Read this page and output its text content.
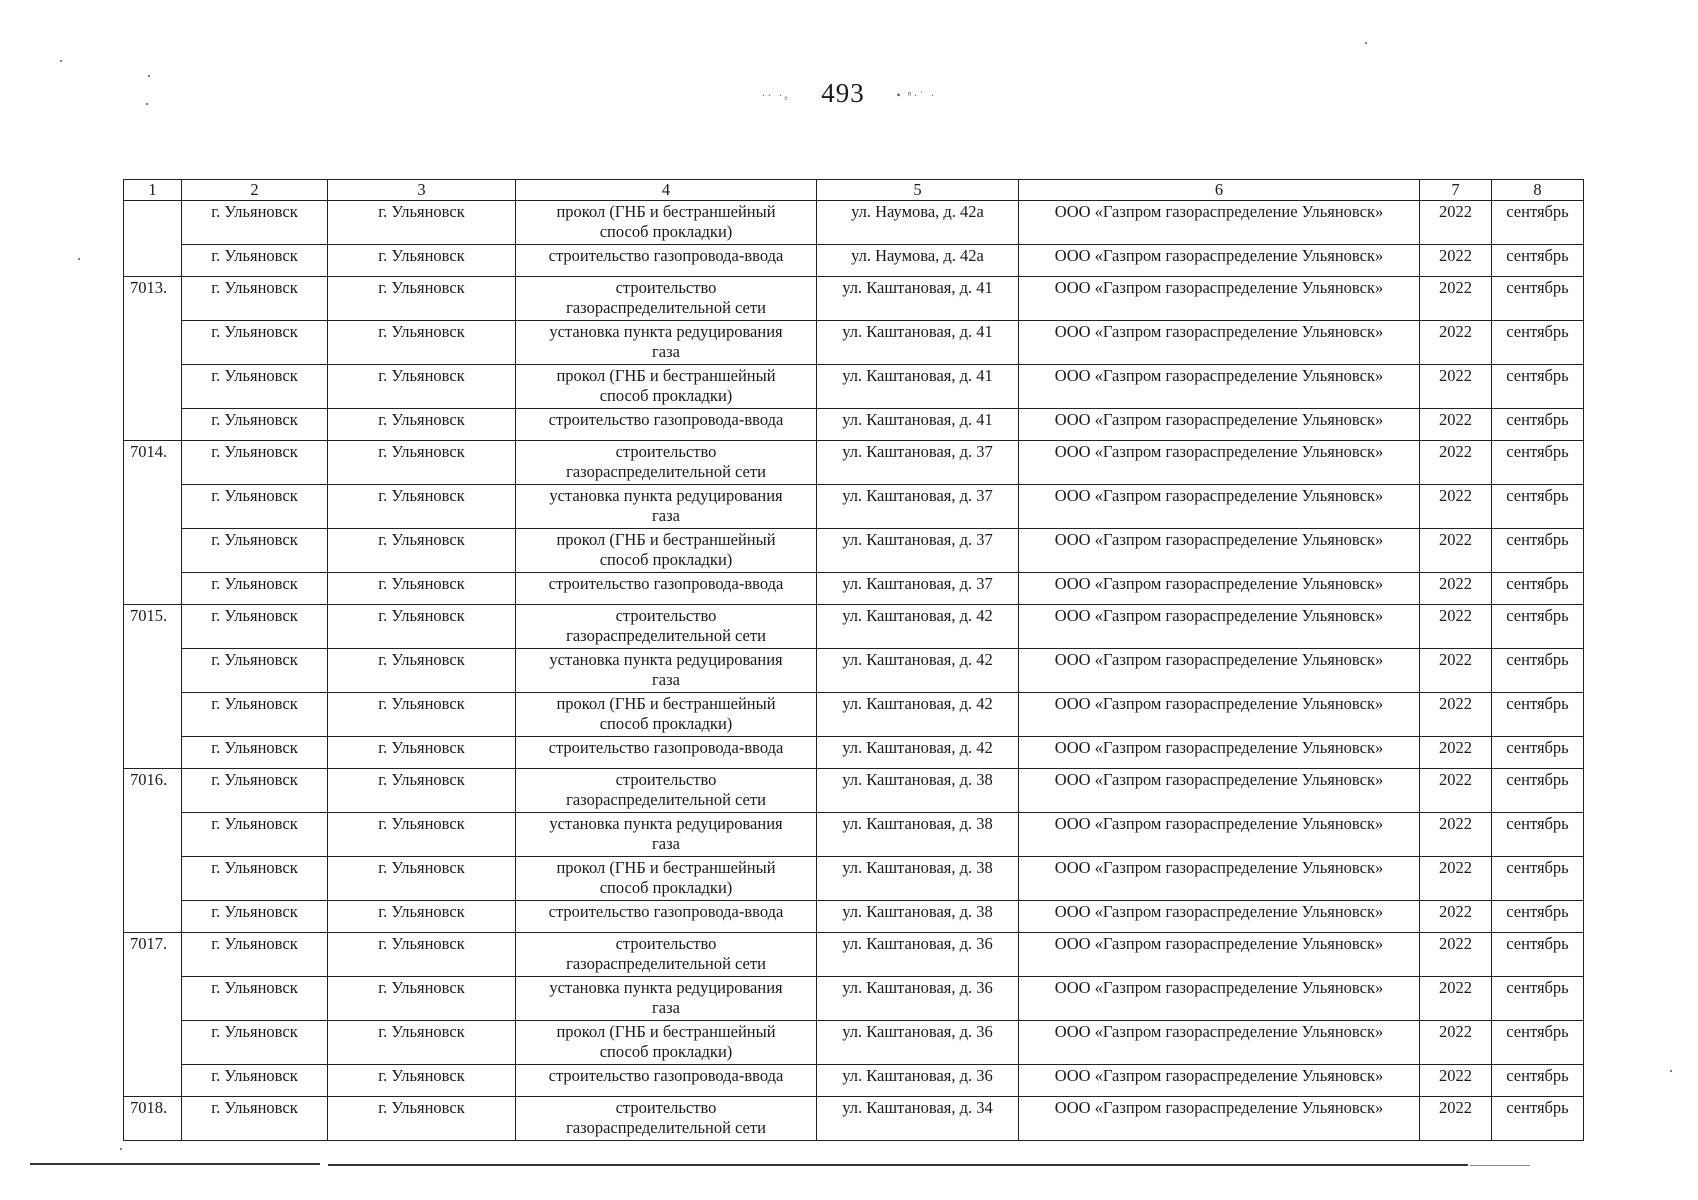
·· ·ₑ 493	• ⁿ·˙ ·
1	2	3	4	5	6	7	8
	г. Ульяновск	г. Ульяновск	прокол (ГНБ и бестраншейный способ прокладки)	ул. Наумова, д. 42а	ООО «Газпром газораспределение Ульяновск»	2022	сентябрь
	г. Ульяновск	г. Ульяновск	строительство газопровода-ввода	ул. Наумова, д. 42а	ООО «Газпром газораспределение Ульяновск»	2022	сентябрь
7013.	г. Ульяновск	г. Ульяновск	строительство газораспределительной сети	ул. Каштановая, д. 41	ООО «Газпром газораспределение Ульяновск»	2022	сентябрь
	г. Ульяновск	г. Ульяновск	установка пункта редуцирования газа	ул. Каштановая, д. 41	ООО «Газпром газораспределение Ульяновск»	2022	сентябрь
	г. Ульяновск	г. Ульяновск	прокол (ГНБ и бестраншейный способ прокладки)	ул. Каштановая, д. 41	ООО «Газпром газораспределение Ульяновск»	2022	сентябрь
	г. Ульяновск	г. Ульяновск	строительство газопровода-ввода	ул. Каштановая, д. 41	ООО «Газпром газораспределение Ульяновск»	2022	сентябрь
7014.	г. Ульяновск	г. Ульяновск	строительство газораспределительной сети	ул. Каштановая, д. 37	ООО «Газпром газораспределение Ульяновск»	2022	сентябрь
	г. Ульяновск	г. Ульяновск	установка пункта редуцирования газа	ул. Каштановая, д. 37	ООО «Газпром газораспределение Ульяновск»	2022	сентябрь
	г. Ульяновск	г. Ульяновск	прокол (ГНБ и бестраншейный способ прокладки)	ул. Каштановая, д. 37	ООО «Газпром газораспределение Ульяновск»	2022	сентябрь
	г. Ульяновск	г. Ульяновск	строительство газопровода-ввода	ул. Каштановая, д. 37	ООО «Газпром газораспределение Ульяновск»	2022	сентябрь
7015.	г. Ульяновск	г. Ульяновск	строительство газораспределительной сети	ул. Каштановая, д. 42	ООО «Газпром газораспределение Ульяновск»	2022	сентябрь
	г. Ульяновск	г. Ульяновск	установка пункта редуцирования газа	ул. Каштановая, д. 42	ООО «Газпром газораспределение Ульяновск»	2022	сентябрь
	г. Ульяновск	г. Ульяновск	прокол (ГНБ и бестраншейный способ прокладки)	ул. Каштановая, д. 42	ООО «Газпром газораспределение Ульяновск»	2022	сентябрь
	г. Ульяновск	г. Ульяновск	строительство газопровода-ввода	ул. Каштановая, д. 42	ООО «Газпром газораспределение Ульяновск»	2022	сентябрь
7016.	г. Ульяновск	г. Ульяновск	строительство газораспределительной сети	ул. Каштановая, д. 38	ООО «Газпром газораспределение Ульяновск»	2022	сентябрь
	г. Ульяновск	г. Ульяновск	установка пункта редуцирования газа	ул. Каштановая, д. 38	ООО «Газпром газораспределение Ульяновск»	2022	сентябрь
	г. Ульяновск	г. Ульяновск	прокол (ГНБ и бестраншейный способ прокладки)	ул. Каштановая, д. 38	ООО «Газпром газораспределение Ульяновск»	2022	сентябрь
	г. Ульяновск	г. Ульяновск	строительство газопровода-ввода	ул. Каштановая, д. 38	ООО «Газпром газораспределение Ульяновск»	2022	сентябрь
7017.	г. Ульяновск	г. Ульяновск	строительство газораспределительной сети	ул. Каштановая, д. 36	ООО «Газпром газораспределение Ульяновск»	2022	сентябрь
	г. Ульяновск	г. Ульяновск	установка пункта редуцирования газа	ул. Каштановая, д. 36	ООО «Газпром газораспределение Ульяновск»	2022	сентябрь
	г. Ульяновск	г. Ульяновск	прокол (ГНБ и бестраншейный способ прокладки)	ул. Каштановая, д. 36	ООО «Газпром газораспределение Ульяновск»	2022	сентябрь
	г. Ульяновск	г. Ульяновск	строительство газопровода-ввода	ул. Каштановая, д. 36	ООО «Газпром газораспределение Ульяновск»	2022	сентябрь
7018.	г. Ульяновск	г. Ульяновск	строительство газораспределительной сети	ул. Каштановая, д. 34	ООО «Газпром газораспределение Ульяновск»	2022	сентябрь
